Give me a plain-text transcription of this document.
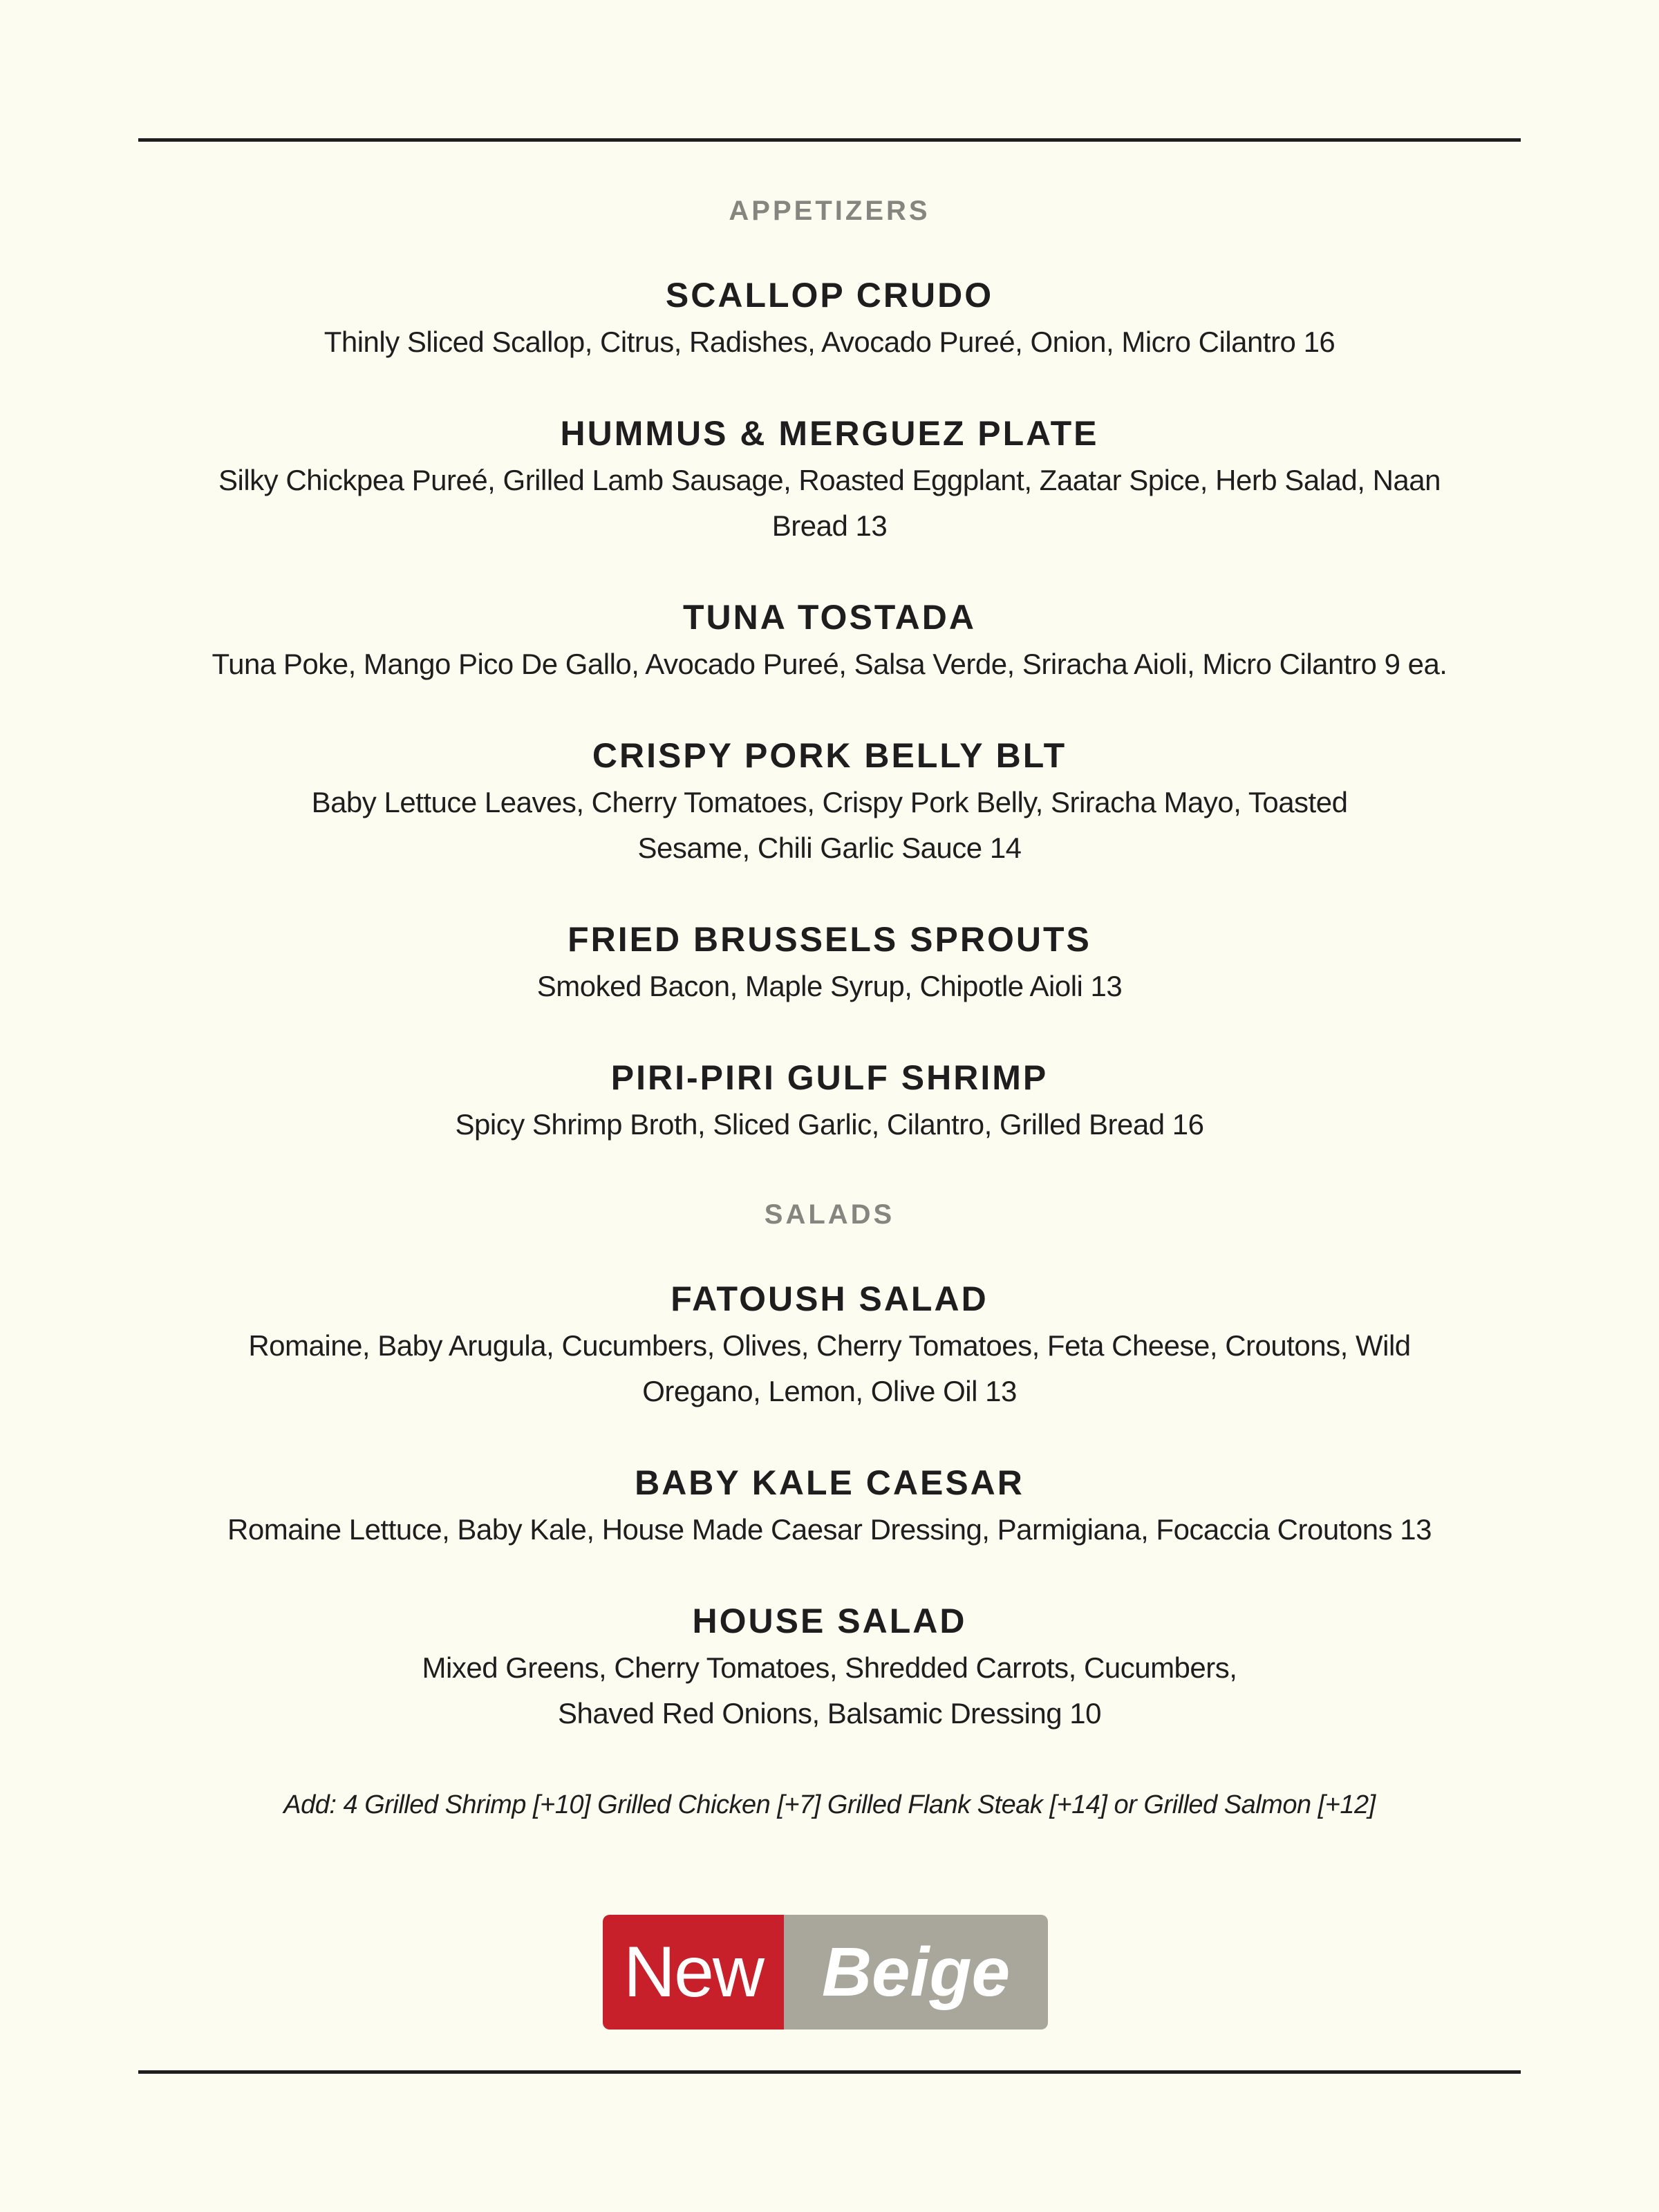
APPETIZERS
SCALLOP CRUDO

Thinly Sliced Scallop, Citrus, Radishes, Avocado Pureé, Onion, Micro Cilantro 16

HUMMUS & MERGUEZ PLATE

Silky Chickpea Pureé, Grilled Lamb Sausage, Roasted Eggplant, Zaatar Spice, Herb Salad, Naan Bread 13

TUNA TOSTADA

Tuna Poke, Mango Pico De Gallo, Avocado Pureé, Salsa Verde, Sriracha Aioli, Micro Cilantro 9 ea.

CRISPY PORK BELLY BLT

Baby Lettuce Leaves, Cherry Tomatoes, Crispy Pork Belly, Sriracha Mayo, Toasted Sesame, Chili Garlic Sauce 14

FRIED BRUSSELS SPROUTS

Smoked Bacon, Maple Syrup, Chipotle Aioli 13

PIRI-PIRI GULF SHRIMP

Spicy Shrimp Broth, Sliced Garlic, Cilantro, Grilled Bread 16

SALADS
FATOUSH SALAD

Romaine, Baby Arugula, Cucumbers, Olives, Cherry Tomatoes, Feta Cheese, Croutons, Wild Oregano, Lemon, Olive Oil 13

BABY KALE CAESAR

Romaine Lettuce, Baby Kale, House Made Caesar Dressing, Parmigiana, Focaccia Croutons 13

HOUSE SALAD

Mixed Greens, Cherry Tomatoes, Shredded Carrots, Cucumbers, Shaved Red Onions, Balsamic Dressing 10

Add: 4 Grilled Shrimp [+10] Grilled Chicken [+7] Grilled Flank Steak [+14] or Grilled Salmon [+12]

New Beige
